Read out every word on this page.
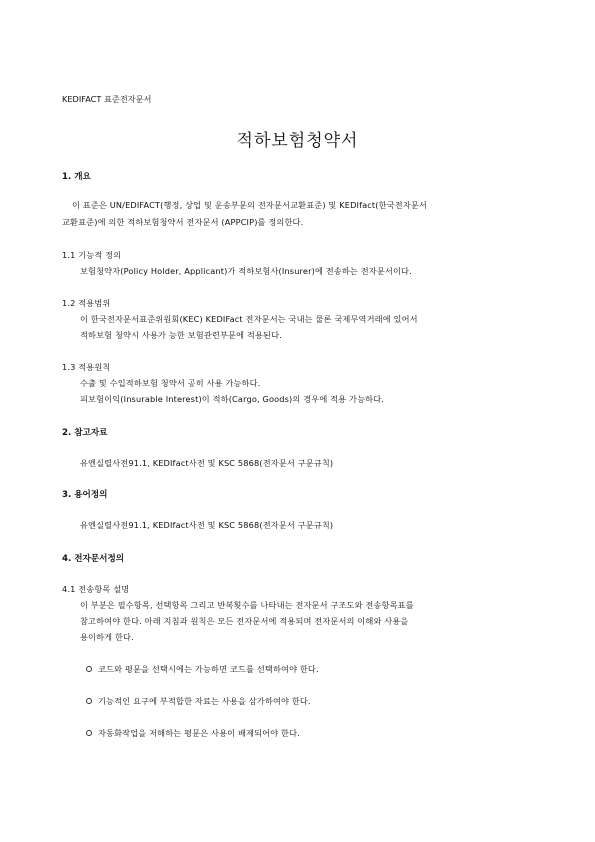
KEDIFACT 표준전자문서
적하보험청약서
1. 개요
이 표준은 UN/EDIFACT(행정, 상업 및 운송부문의 전자문서교환표준) 및 KEDIfact(한국전자문서
교환표준)에 의한 적하보험청약서 전자문서 (APPCIP)를 정의한다.
1.1 기능적 정의
보험청약자(Policy Holder, Applicant)가 적하보험사(Insurer)에 전송하는 전자문서이다.
1.2 적용범위
이 한국전자문서표준위원회(KEC) KEDIFact 전자문서는 국내는 물론 국제무역거래에 있어서
적하보험 청약시 사용가 능한 보험관련부문에 적용된다.
1.3 적용원칙
수출 및 수입적하보험 청약서 공히 사용 가능하다.
피보험이익(Insurable Interest)이 적하(Cargo, Goods)의 경우에 적용 가능하다.
2. 참고자료
유엔실렬사전91.1, KEDIfact사전 및 KSC 5868(전자문서 구문규칙)
3. 용어정의
유엔실렬사전91.1, KEDIfact사전 및 KSC 5868(전자문서 구문규칙)
4. 전자문서정의
4.1 전송항목 설명
이 부분은 필수항목, 선택항목 그리고 반복횟수를 나타내는 전자문서 구조도와 전송항목표를
참고하여야 한다. 아래 지침과 원칙은 모든 전자문서에 적용되며 전자문서의 이해와 사용을
용이하게 한다.
코드와 평문을 선택시에는 가능하면 코드를 선택하여야 한다.
기능적인 요구에 부적합한 자료는 사용을 삼가하여야 한다.
자동화작업을 저해하는 평문은 사용이 배제되어야 한다.
